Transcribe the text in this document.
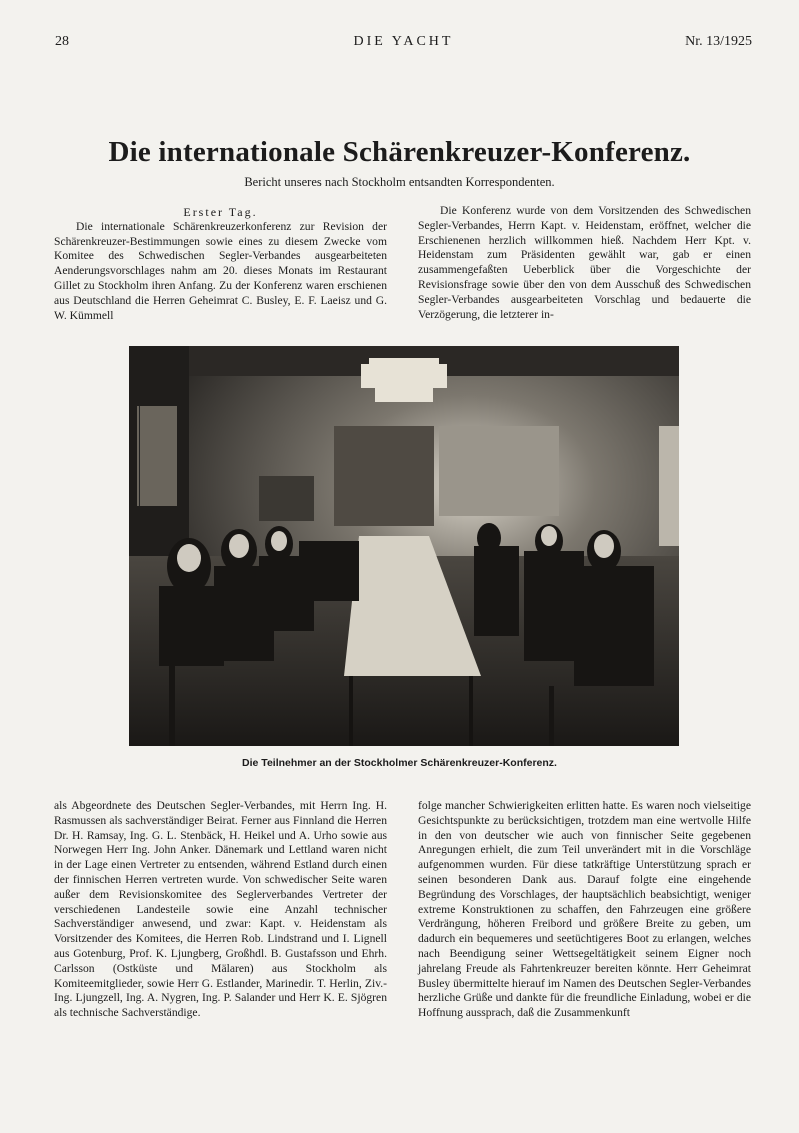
28	DIE YACHT	Nr. 13/1925
Die internationale Schärenkreuzer-Konferenz.
Bericht unseres nach Stockholm entsandten Korrespondenten.

Erster Tag.

Die internationale Schärenkreuzerkonferenz zur Revision der Schärenkreuzer-Bestimmungen sowie eines zu diesem Zwecke vom Komitee des Schwedischen Segler-Verbandes ausgearbeiteten Aenderungsvorschlages nahm am 20. dieses Monats im Restaurant Gillet zu Stockholm ihren Anfang. Zu der Konferenz waren erschienen aus Deutschland die Herren Geheimrat C. Busley, E. F. Laeisz und G. W. Kümmell

Die Konferenz wurde von dem Vorsitzenden des Schwedischen Segler-Verbandes, Herrn Kapt. v. Heidenstam, eröffnet, welcher die Erschienenen herzlich willkommen hieß. Nachdem Herr Kpt. v. Heidenstam zum Präsidenten gewählt war, gab er einen zusammengefaßten Ueberblick über die Vorgeschichte der Revisionsfrage sowie über den von dem Ausschuß des Schwedischen Segler-Verbandes ausgearbeiteten Vorschlag und bedauerte die Verzögerung, die letzterer in-

Die Teilnehmer an der Stockholmer Schärenkreuzer-Konferenz.

als Abgeordnete des Deutschen Segler-Verbandes, mit Herrn Ing. H. Rasmussen als sachverständiger Beirat. Ferner aus Finnland die Herren Dr. H. Ramsay, Ing. G. L. Stenbäck, H. Heikel und A. Urho sowie aus Norwegen Herr Ing. John Anker. Dänemark und Lettland waren nicht in der Lage einen Vertreter zu entsenden, während Estland durch einen der finnischen Herren vertreten wurde. Von schwedischer Seite waren außer dem Revisionskomitee des Seglerverbandes Vertreter der verschiedenen Landesteile sowie eine Anzahl technischer Sachverständiger anwesend, und zwar: Kapt. v. Heidenstam als Vorsitzender des Komitees, die Herren Rob. Lindstrand und I. Lignell aus Gotenburg, Prof. K. Ljungberg, Großhdl. B. Gustafsson und Ehrh. Carlsson (Ostküste und Mälaren) aus Stockholm als Komiteemitglieder, sowie Herr G. Estlander, Marinedir. T. Herlin, Ziv.-Ing. Ljungzell, Ing. A. Nygren, Ing. P. Salander und Herr K. E. Sjögren als technische Sachverständige.

folge mancher Schwierigkeiten erlitten hatte. Es waren noch vielseitige Gesichtspunkte zu berücksichtigen, trotzdem man eine wertvolle Hilfe in den von deutscher wie auch von finnischer Seite gegebenen Anregungen erhielt, die zum Teil unverändert mit in die Vorschläge aufgenommen wurden. Für diese tatkräftige Unterstützung sprach er seinen besonderen Dank aus. Darauf folgte eine eingehende Begründung des Vorschlages, der hauptsächlich beabsichtigt, weniger extreme Konstruktionen zu schaffen, den Fahrzeugen eine größere Verdrängung, höheren Freibord und größere Breite zu geben, um dadurch ein bequemeres und seetüchtigeres Boot zu erlangen, welches nach Beendigung seiner Wettsegeltätigkeit seinem Eigner noch jahrelang Freude als Fahrtenkreuzer bereiten könnte. Herr Geheimrat Busley übermittelte hierauf im Namen des Deutschen Segler-Verbandes herzliche Grüße und dankte für die freundliche Einladung, wobei er die Hoffnung aussprach, daß die Zusammenkunft
